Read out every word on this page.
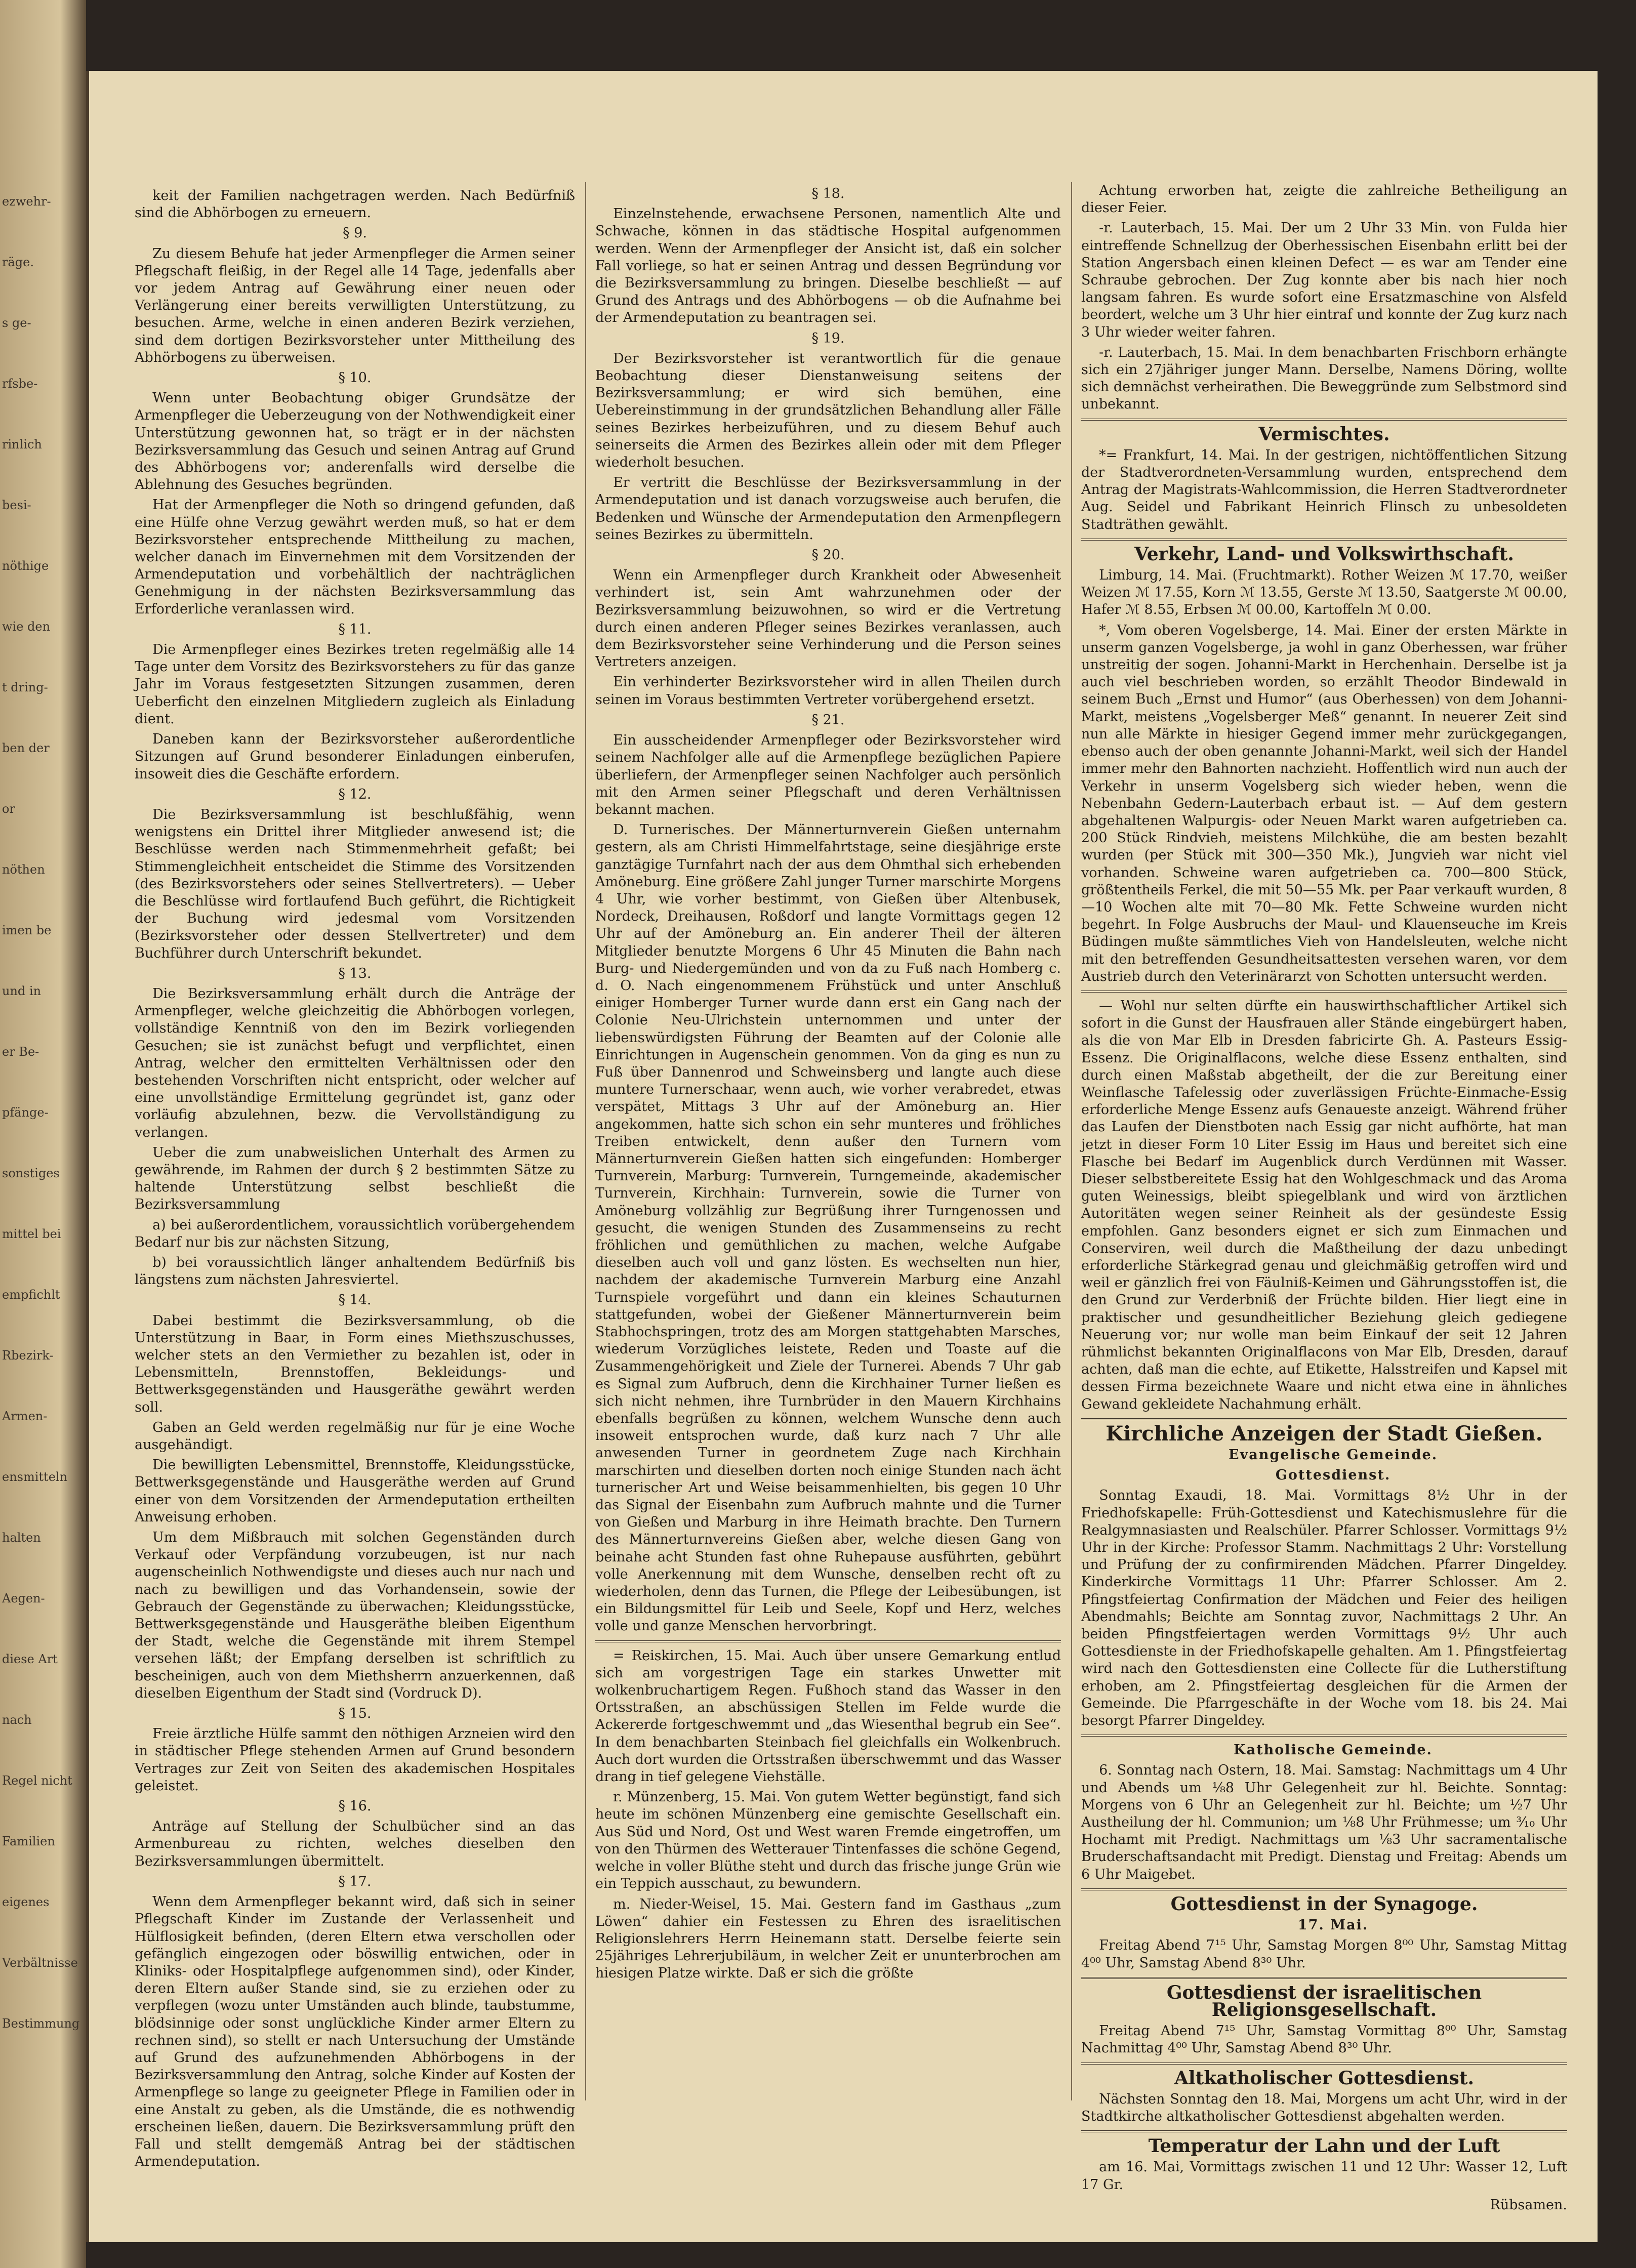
ezwehr-
räge.
s ge-
rfsbe-
rinlich
besi-
nöthige
wie den
t dring-
ben der
or
nöthen
imen be
und in
er Be-
pfänge-
sonstiges
mittel bei
empfichlt
Rbezirk-
Armen-
ensmitteln
halten
Aegen-
diese Art
nach
Regel nicht
Familien
eigenes
Verbältnisse
Bestimmung

keit der Familien nachgetragen werden. Nach Bedürfniß sind die Abhörbogen zu erneuern.

§ 9.

Zu diesem Behufe hat jeder Armenpfleger die Armen seiner Pflegschaft fleißig, in der Regel alle 14 Tage, jedenfalls aber vor jedem Antrag auf Gewährung einer neuen oder Verlängerung einer bereits verwilligten Unterstützung, zu besuchen. Arme, welche in einen anderen Bezirk verziehen, sind dem dortigen Bezirksvorsteher unter Mittheilung des Abhörbogens zu überweisen.

§ 10.

Wenn unter Beobachtung obiger Grundsätze der Armenpfleger die Ueberzeugung von der Nothwendigkeit einer Unterstützung gewonnen hat, so trägt er in der nächsten Bezirksversammlung das Gesuch und seinen Antrag auf Grund des Abhörbogens vor; anderenfalls wird derselbe die Ablehnung des Gesuches begründen.

Hat der Armenpfleger die Noth so dringend gefunden, daß eine Hülfe ohne Verzug gewährt werden muß, so hat er dem Bezirksvorsteher entsprechende Mittheilung zu machen, welcher danach im Einvernehmen mit dem Vorsitzenden der Armendeputation und vorbehältlich der nachträglichen Genehmigung in der nächsten Bezirksversammlung das Erforderliche veranlassen wird.

§ 11.

Die Armenpfleger eines Bezirkes treten regelmäßig alle 14 Tage unter dem Vorsitz des Bezirksvorstehers zu für das ganze Jahr im Voraus festgesetzten Sitzungen zusammen, deren Ueberficht den einzelnen Mitgliedern zugleich als Einladung dient.

Daneben kann der Bezirksvorsteher außerordentliche Sitzungen auf Grund besonderer Einladungen einberufen, insoweit dies die Geschäfte erfordern.

§ 12.

Die Bezirksversammlung ist beschlußfähig, wenn wenigstens ein Drittel ihrer Mitglieder anwesend ist; die Beschlüsse werden nach Stimmenmehrheit gefaßt; bei Stimmengleichheit entscheidet die Stimme des Vorsitzenden (des Bezirksvorstehers oder seines Stellvertreters). — Ueber die Beschlüsse wird fortlaufend Buch geführt, die Richtigkeit der Buchung wird jedesmal vom Vorsitzenden (Bezirksvorsteher oder dessen Stellvertreter) und dem Buchführer durch Unterschrift bekundet.

§ 13.

Die Bezirksversammlung erhält durch die Anträge der Armenpfleger, welche gleichzeitig die Abhörbogen vorlegen, vollständige Kenntniß von den im Bezirk vorliegenden Gesuchen; sie ist zunächst befugt und verpflichtet, einen Antrag, welcher den ermittelten Verhältnissen oder den bestehenden Vorschriften nicht entspricht, oder welcher auf eine unvollständige Ermittelung gegründet ist, ganz oder vorläufig abzulehnen, bezw. die Vervollständigung zu verlangen.

Ueber die zum unabweislichen Unterhalt des Armen zu gewährende, im Rahmen der durch § 2 bestimmten Sätze zu haltende Unterstützung selbst beschließt die Bezirksversammlung

a) bei außerordentlichem, voraussichtlich vorübergehendem Bedarf nur bis zur nächsten Sitzung,

b) bei voraussichtlich länger anhaltendem Bedürfniß bis längstens zum nächsten Jahresviertel.

§ 14.

Dabei bestimmt die Bezirksversammlung, ob die Unterstützung in Baar, in Form eines Miethszuschusses, welcher stets an den Vermiether zu bezahlen ist, oder in Lebensmitteln, Brennstoffen, Bekleidungs- und Bettwerksgegenständen und Hausgeräthe gewährt werden soll.

Gaben an Geld werden regelmäßig nur für je eine Woche ausgehändigt.

Die bewilligten Lebensmittel, Brennstoffe, Kleidungsstücke, Bettwerksgegenstände und Hausgeräthe werden auf Grund einer von dem Vorsitzenden der Armendeputation ertheilten Anweisung erhoben.

Um dem Mißbrauch mit solchen Gegenständen durch Verkauf oder Verpfändung vorzubeugen, ist nur nach augenscheinlich Nothwendigste und dieses auch nur nach und nach zu bewilligen und das Vorhandensein, sowie der Gebrauch der Gegenstände zu überwachen; Kleidungsstücke, Bettwerksgegenstände und Hausgeräthe bleiben Eigenthum der Stadt, welche die Gegenstände mit ihrem Stempel versehen läßt; der Empfang derselben ist schriftlich zu bescheinigen, auch von dem Miethsherrn anzuerkennen, daß dieselben Eigenthum der Stadt sind (Vordruck D).

§ 15.

Freie ärztliche Hülfe sammt den nöthigen Arzneien wird den in städtischer Pflege stehenden Armen auf Grund besondern Vertrages zur Zeit von Seiten des akademischen Hospitales geleistet.

§ 16.

Anträge auf Stellung der Schulbücher sind an das Armenbureau zu richten, welches dieselben den Bezirksversammlungen übermittelt.

§ 17.

Wenn dem Armenpfleger bekannt wird, daß sich in seiner Pflegschaft Kinder im Zustande der Verlassenheit und Hülflosigkeit befinden, (deren Eltern etwa verschollen oder gefänglich eingezogen oder böswillig entwichen, oder in Kliniks- oder Hospitalpflege aufgenommen sind), oder Kinder, deren Eltern außer Stande sind, sie zu erziehen oder zu verpflegen (wozu unter Umständen auch blinde, taubstumme, blödsinnige oder sonst unglückliche Kinder armer Eltern zu rechnen sind), so stellt er nach Untersuchung der Umstände auf Grund des aufzunehmenden Abhörbogens in der Bezirksversammlung den Antrag, solche Kinder auf Kosten der Armenpflege so lange zu geeigneter Pflege in Familien oder in eine Anstalt zu geben, als die Umstände, die es nothwendig erscheinen ließen, dauern. Die Bezirksversammlung prüft den Fall und stellt demgemäß Antrag bei der städtischen Armendeputation.

§ 18.

Einzelnstehende, erwachsene Personen, namentlich Alte und Schwache, können in das städtische Hospital aufgenommen werden. Wenn der Armenpfleger der Ansicht ist, daß ein solcher Fall vorliege, so hat er seinen Antrag und dessen Begründung vor die Bezirksversammlung zu bringen. Dieselbe beschließt — auf Grund des Antrags und des Abhörbogens — ob die Aufnahme bei der Armendeputation zu beantragen sei.

§ 19.

Der Bezirksvorsteher ist verantwortlich für die genaue Beobachtung dieser Dienstanweisung seitens der Bezirksversammlung; er wird sich bemühen, eine Uebereinstimmung in der grundsätzlichen Behandlung aller Fälle seines Bezirkes herbeizuführen, und zu diesem Behuf auch seinerseits die Armen des Bezirkes allein oder mit dem Pfleger wiederholt besuchen.

Er vertritt die Beschlüsse der Bezirksversammlung in der Armendeputation und ist danach vorzugsweise auch berufen, die Bedenken und Wünsche der Armendeputation den Armenpflegern seines Bezirkes zu übermitteln.

§ 20.

Wenn ein Armenpfleger durch Krankheit oder Abwesenheit verhindert ist, sein Amt wahrzunehmen oder der Bezirksversammlung beizuwohnen, so wird er die Vertretung durch einen anderen Pfleger seines Bezirkes veranlassen, auch dem Bezirksvorsteher seine Verhinderung und die Person seines Vertreters anzeigen.

Ein verhinderter Bezirksvorsteher wird in allen Theilen durch seinen im Voraus bestimmten Vertreter vorübergehend ersetzt.

§ 21.

Ein ausscheidender Armenpfleger oder Bezirksvorsteher wird seinem Nachfolger alle auf die Armenpflege bezüglichen Papiere überliefern, der Armenpfleger seinen Nachfolger auch persönlich mit den Armen seiner Pflegschaft und deren Verhältnissen bekannt machen.

D. Turnerisches. Der Männerturnverein Gießen unternahm gestern, als am Christi Himmelfahrtstage, seine diesjährige erste ganztägige Turnfahrt nach der aus dem Ohmthal sich erhebenden Amöneburg. Eine größere Zahl junger Turner marschirte Morgens 4 Uhr, wie vorher bestimmt, von Gießen über Altenbusek, Nordeck, Dreihausen, Roßdorf und langte Vormittags gegen 12 Uhr auf der Amöneburg an. Ein anderer Theil der älteren Mitglieder benutzte Morgens 6 Uhr 45 Minuten die Bahn nach Burg- und Niedergemünden und von da zu Fuß nach Homberg c. d. O. Nach eingenommenem Frühstück und unter Anschluß einiger Homberger Turner wurde dann erst ein Gang nach der Colonie Neu-Ulrichstein unternommen und unter der liebenswürdigsten Führung der Beamten auf der Colonie alle Einrichtungen in Augenschein genommen. Von da ging es nun zu Fuß über Dannenrod und Schweinsberg und langte auch diese muntere Turnerschaar, wenn auch, wie vorher verabredet, etwas verspätet, Mittags 3 Uhr auf der Amöneburg an. Hier angekommen, hatte sich schon ein sehr munteres und fröhliches Treiben entwickelt, denn außer den Turnern vom Männerturnverein Gießen hatten sich eingefunden: Homberger Turnverein, Marburg: Turnverein, Turngemeinde, akademischer Turnverein, Kirchhain: Turnverein, sowie die Turner von Amöneburg vollzählig zur Begrüßung ihrer Turngenossen und gesucht, die wenigen Stunden des Zusammenseins zu recht fröhlichen und gemüthlichen zu machen, welche Aufgabe dieselben auch voll und ganz lösten. Es wechselten nun hier, nachdem der akademische Turnverein Marburg eine Anzahl Turnspiele vorgeführt und dann ein kleines Schauturnen stattgefunden, wobei der Gießener Männerturnverein beim Stabhochspringen, trotz des am Morgen stattgehabten Marsches, wiederum Vorzügliches leistete, Reden und Toaste auf die Zusammengehörigkeit und Ziele der Turnerei. Abends 7 Uhr gab es Signal zum Aufbruch, denn die Kirchhainer Turner ließen es sich nicht nehmen, ihre Turnbrüder in den Mauern Kirchhains ebenfalls begrüßen zu können, welchem Wunsche denn auch insoweit entsprochen wurde, daß kurz nach 7 Uhr alle anwesenden Turner in geordnetem Zuge nach Kirchhain marschirten und dieselben dorten noch einige Stunden nach ächt turnerischer Art und Weise beisammenhielten, bis gegen 10 Uhr das Signal der Eisenbahn zum Aufbruch mahnte und die Turner von Gießen und Marburg in ihre Heimath brachte. Den Turnern des Männerturnvereins Gießen aber, welche diesen Gang von beinahe acht Stunden fast ohne Ruhepause ausführten, gebührt volle Anerkennung mit dem Wunsche, denselben recht oft zu wiederholen, denn das Turnen, die Pflege der Leibesübungen, ist ein Bildungsmittel für Leib und Seele, Kopf und Herz, welches volle und ganze Menschen hervorbringt.

= Reiskirchen, 15. Mai. Auch über unsere Gemarkung entlud sich am vorgestrigen Tage ein starkes Unwetter mit wolkenbruchartigem Regen. Fußhoch stand das Wasser in den Ortsstraßen, an abschüssigen Stellen im Felde wurde die Ackererde fortgeschwemmt und „das Wiesenthal begrub ein See“. In dem benachbarten Steinbach fiel gleichfalls ein Wolkenbruch. Auch dort wurden die Ortsstraßen überschwemmt und das Wasser drang in tief gelegene Viehställe.

r. Münzenberg, 15. Mai. Von gutem Wetter begünstigt, fand sich heute im schönen Münzenberg eine gemischte Gesellschaft ein. Aus Süd und Nord, Ost und West waren Fremde eingetroffen, um von den Thürmen des Wetterauer Tintenfasses die schöne Gegend, welche in voller Blüthe steht und durch das frische junge Grün wie ein Teppich ausschaut, zu bewundern.

m. Nieder-Weisel, 15. Mai. Gestern fand im Gasthaus „zum Löwen“ dahier ein Festessen zu Ehren des israelitischen Religionslehrers Herrn Heinemann statt. Derselbe feierte sein 25jähriges Lehrerjubiläum, in welcher Zeit er ununterbrochen am hiesigen Platze wirkte. Daß er sich die größte

Achtung erworben hat, zeigte die zahlreiche Betheiligung an dieser Feier.

-r. Lauterbach, 15. Mai. Der um 2 Uhr 33 Min. von Fulda hier eintreffende Schnellzug der Oberhessischen Eisenbahn erlitt bei der Station Angersbach einen kleinen Defect — es war am Tender eine Schraube gebrochen. Der Zug konnte aber bis nach hier noch langsam fahren. Es wurde sofort eine Ersatzmaschine von Alsfeld beordert, welche um 3 Uhr hier eintraf und konnte der Zug kurz nach 3 Uhr wieder weiter fahren.

-r. Lauterbach, 15. Mai. In dem benachbarten Frischborn erhängte sich ein 27jähriger junger Mann. Derselbe, Namens Döring, wollte sich demnächst verheirathen. Die Beweggründe zum Selbstmord sind unbekannt.

Vermischtes.

*= Frankfurt, 14. Mai. In der gestrigen, nichtöffentlichen Sitzung der Stadtverordneten-Versammlung wurden, entsprechend dem Antrag der Magistrats-Wahlcommission, die Herren Stadtverordneter Aug. Seidel und Fabrikant Heinrich Flinsch zu unbesoldeten Stadträthen gewählt.

Verkehr, Land- und Volkswirthschaft.

Limburg, 14. Mai. (Fruchtmarkt). Rother Weizen ℳ 17.70, weißer Weizen ℳ 17.55, Korn ℳ 13.55, Gerste ℳ 13.50, Saatgerste ℳ 00.00, Hafer ℳ 8.55, Erbsen ℳ 00.00, Kartoffeln ℳ 0.00.

*, Vom oberen Vogelsberge, 14. Mai. Einer der ersten Märkte in unserm ganzen Vogelsberge, ja wohl in ganz Oberhessen, war früher unstreitig der sogen. Johanni-Markt in Herchenhain. Derselbe ist ja auch viel beschrieben worden, so erzählt Theodor Bindewald in seinem Buch „Ernst und Humor“ (aus Oberhessen) von dem Johanni-Markt, meistens „Vogelsberger Meß“ genannt. In neuerer Zeit sind nun alle Märkte in hiesiger Gegend immer mehr zurückgegangen, ebenso auch der oben genannte Johanni-Markt, weil sich der Handel immer mehr den Bahnorten nachzieht. Hoffentlich wird nun auch der Verkehr in unserm Vogelsberg sich wieder heben, wenn die Nebenbahn Gedern-Lauterbach erbaut ist. — Auf dem gestern abgehaltenen Walpurgis- oder Neuen Markt waren aufgetrieben ca. 200 Stück Rindvieh, meistens Milchkühe, die am besten bezahlt wurden (per Stück mit 300—350 Mk.), Jungvieh war nicht viel vorhanden. Schweine waren aufgetrieben ca. 700—800 Stück, größtentheils Ferkel, die mit 50—55 Mk. per Paar verkauft wurden, 8—10 Wochen alte mit 70—80 Mk. Fette Schweine wurden nicht begehrt. In Folge Ausbruchs der Maul- und Klauenseuche im Kreis Büdingen mußte sämmtliches Vieh von Handelsleuten, welche nicht mit den betreffenden Gesundheitsattesten versehen waren, vor dem Austrieb durch den Veterinärarzt von Schotten untersucht werden.

— Wohl nur selten dürfte ein hauswirthschaftlicher Artikel sich sofort in die Gunst der Hausfrauen aller Stände eingebürgert haben, als die von Mar Elb in Dresden fabricirte Gh. A. Pasteurs Essig-Essenz. Die Originalflacons, welche diese Essenz enthalten, sind durch einen Maßstab abgetheilt, der die zur Bereitung einer Weinflasche Tafelessig oder zuverlässigen Früchte-Einmache-Essig erforderliche Menge Essenz aufs Genaueste anzeigt. Während früher das Laufen der Dienstboten nach Essig gar nicht aufhörte, hat man jetzt in dieser Form 10 Liter Essig im Haus und bereitet sich eine Flasche bei Bedarf im Augenblick durch Verdünnen mit Wasser. Dieser selbstbereitete Essig hat den Wohlgeschmack und das Aroma guten Weinessigs, bleibt spiegelblank und wird von ärztlichen Autoritäten wegen seiner Reinheit als der gesündeste Essig empfohlen. Ganz besonders eignet er sich zum Einmachen und Conserviren, weil durch die Maßtheilung der dazu unbedingt erforderliche Stärkegrad genau und gleichmäßig getroffen wird und weil er gänzlich frei von Fäulniß-Keimen und Gährungsstoffen ist, die den Grund zur Verderbniß der Früchte bilden. Hier liegt eine in praktischer und gesundheitlicher Beziehung gleich gediegene Neuerung vor; nur wolle man beim Einkauf der seit 12 Jahren rühmlichst bekannten Originalflacons von Mar Elb, Dresden, darauf achten, daß man die echte, auf Etikette, Halsstreifen und Kapsel mit dessen Firma bezeichnete Waare und nicht etwa eine in ähnliches Gewand gekleidete Nachahmung erhält.

Kirchliche Anzeigen der Stadt Gießen.

Evangelische Gemeinde.

Gottesdienst.

Sonntag Exaudi, 18. Mai. Vormittags 8½ Uhr in der Friedhofskapelle: Früh-Gottesdienst und Katechismuslehre für die Realgymnasiasten und Realschüler. Pfarrer Schlosser. Vormittags 9½ Uhr in der Kirche: Professor Stamm. Nachmittags 2 Uhr: Vorstellung und Prüfung der zu confirmirenden Mädchen. Pfarrer Dingeldey. Kinderkirche Vormittags 11 Uhr: Pfarrer Schlosser. Am 2. Pfingstfeiertag Confirmation der Mädchen und Feier des heiligen Abendmahls; Beichte am Sonntag zuvor, Nachmittags 2 Uhr. An beiden Pfingstfeiertagen werden Vormittags 9½ Uhr auch Gottesdienste in der Friedhofskapelle gehalten. Am 1. Pfingstfeiertag wird nach den Gottesdiensten eine Collecte für die Lutherstiftung erhoben, am 2. Pfingstfeiertag desgleichen für die Armen der Gemeinde. Die Pfarrgeschäfte in der Woche vom 18. bis 24. Mai besorgt Pfarrer Dingeldey.

Katholische Gemeinde.

6. Sonntag nach Ostern, 18. Mai. Samstag: Nachmittags um 4 Uhr und Abends um ⅛8 Uhr Gelegenheit zur hl. Beichte. Sonntag: Morgens von 6 Uhr an Gelegenheit zur hl. Beichte; um ½7 Uhr Austheilung der hl. Communion; um ⅛8 Uhr Frühmesse; um ³⁄₁₀ Uhr Hochamt mit Predigt. Nachmittags um ⅛3 Uhr sacramentalische Bruderschaftsandacht mit Predigt. Dienstag und Freitag: Abends um 6 Uhr Maigebet.

Gottesdienst in der Synagoge.

17. Mai.

Freitag Abend 7¹⁵ Uhr, Samstag Morgen 8⁰⁰ Uhr, Samstag Mittag 4⁰⁰ Uhr, Samstag Abend 8³⁰ Uhr.

Gottesdienst der israelitischen Religionsgesellschaft.

Freitag Abend 7¹⁵ Uhr, Samstag Vormittag 8⁰⁰ Uhr, Samstag Nachmittag 4⁰⁰ Uhr, Samstag Abend 8³⁰ Uhr.

Altkatholischer Gottesdienst.

Nächsten Sonntag den 18. Mai, Morgens um acht Uhr, wird in der Stadtkirche altkatholischer Gottesdienst abgehalten werden.

Temperatur der Lahn und der Luft

am 16. Mai, Vormittags zwischen 11 und 12 Uhr: Wasser 12, Luft 17 Gr.

Rübsamen.
